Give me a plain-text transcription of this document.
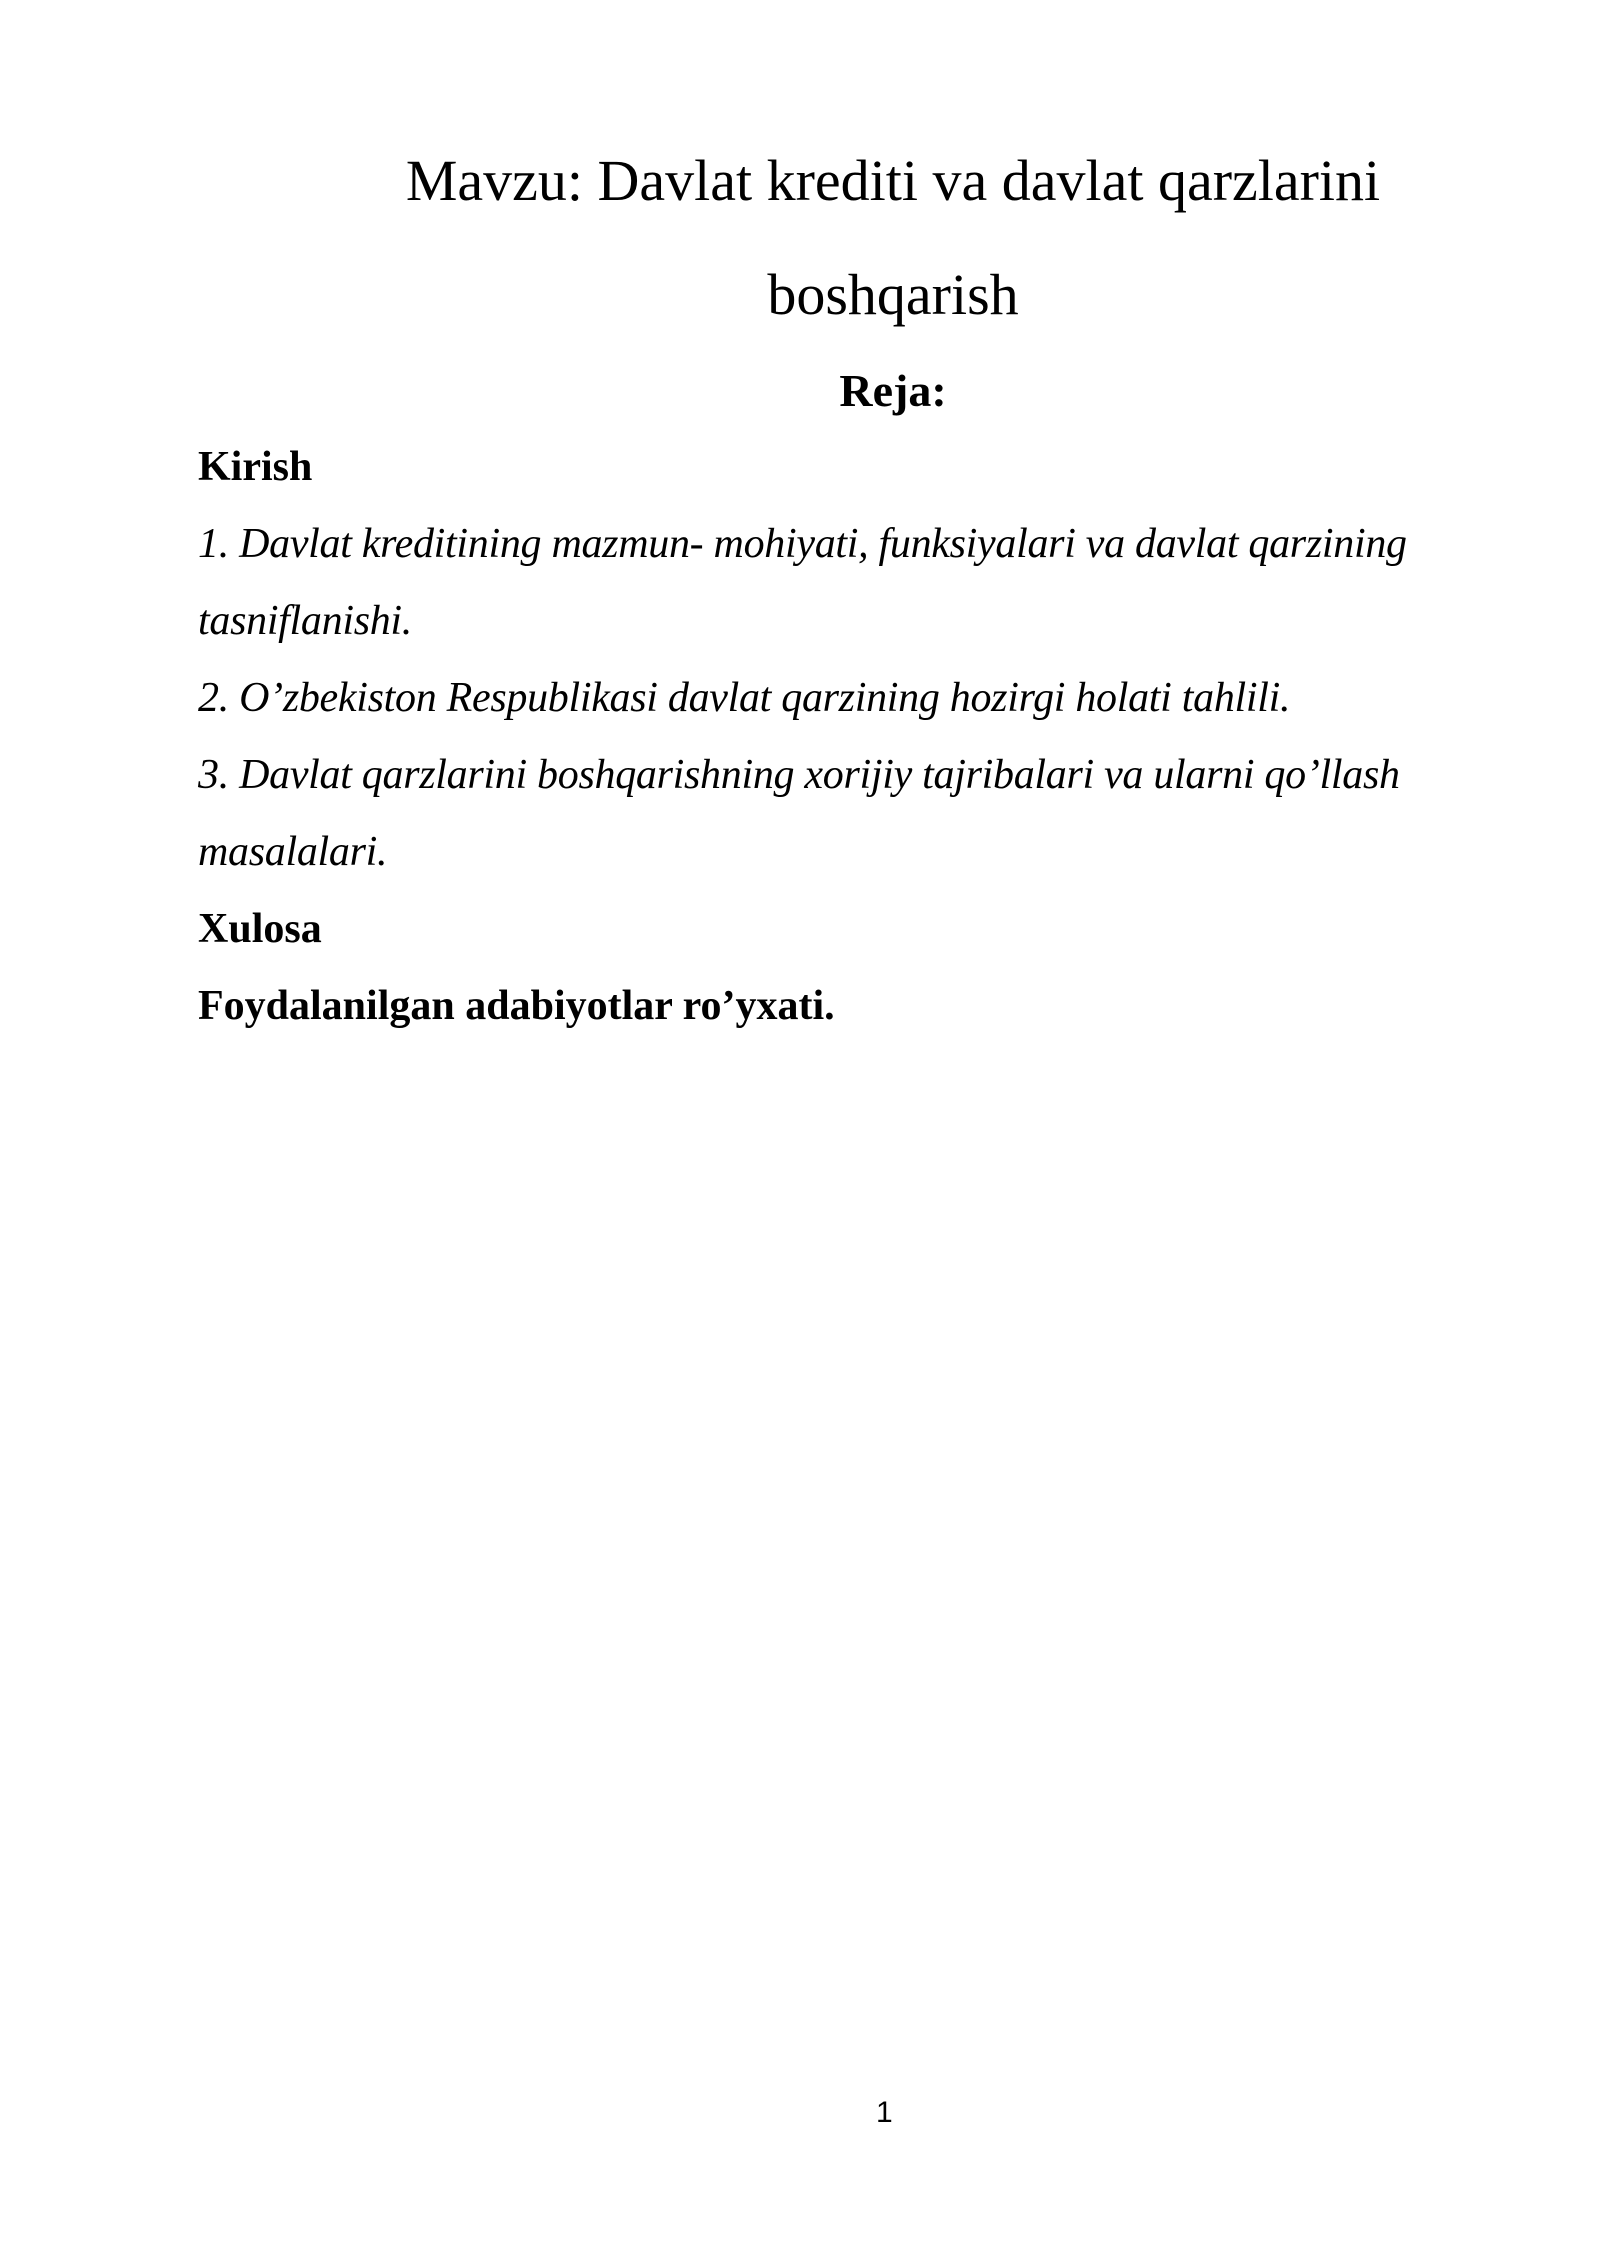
Mavzu: Davlat krediti va davlat qarzlarini boshqarish
Reja:

Kirish

1. Davlat kreditining mazmun- mohiyati, funksiyalari va davlat qarzining tasniflanishi.

2. O’zbekiston Respublikasi davlat qarzining hozirgi holati tahlili.

3. Davlat qarzlarini boshqarishning xorijiy tajribalari va ularni qo’llash masalalari.

Xulosa

Foydalanilgan adabiyotlar ro’yxati.

1
